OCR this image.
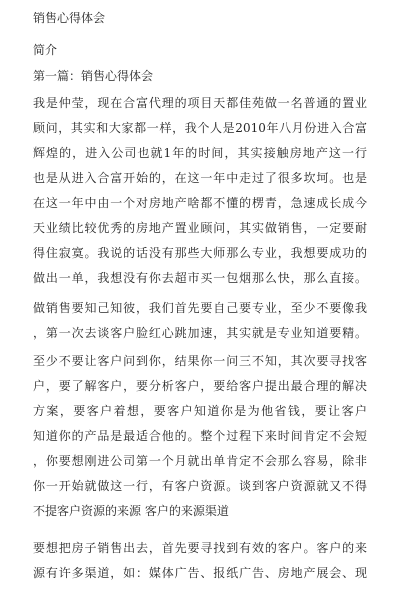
销售心得体会
简介
第一篇：销售心得体会
我是仲莹，现在合富代理的项目天都佳苑做一名普通的置业
顾问，其实和大家都一样，我个人是2010年八月份进入合富
辉煌的，进入公司也就1年的时间，其实接触房地产这一行
也是从进入合富开始的，在这一年中走过了很多坎坷。也是
在这一年中由一个对房地产啥都不懂的楞青，急速成长成今
天业绩比较优秀的房地产置业顾问，其实做销售，一定要耐
得住寂寞。我说的话没有那些大师那么专业，我想要成功的
做出一单，我想没有你去超市买一包烟那么快，那么直接。
做销售要知己知彼，我们首先要自己要专业，至少不要像我
，第一次去谈客户脸红心跳加速，其实就是专业知道要精。
至少不要让客户问到你，结果你一问三不知，其次要寻找客
户，要了解客户，要分析客户，要给客户提出最合理的解决
方案，要客户着想，要客户知道你是为他省钱，要让客户
知道你的产品是最适合他的。整个过程下来时间肯定不会短
，你要想刚进公司第一个月就出单肯定不会那么容易，除非
你一开始就做这一行，有客户资源。谈到客户资源就又不得
不提客户资源的来源 客户的来源渠道
要想把房子销售出去，首先要寻找到有效的客户。客户的来
源有许多渠道，如：媒体广告、报纸广告、房地产展会、现
